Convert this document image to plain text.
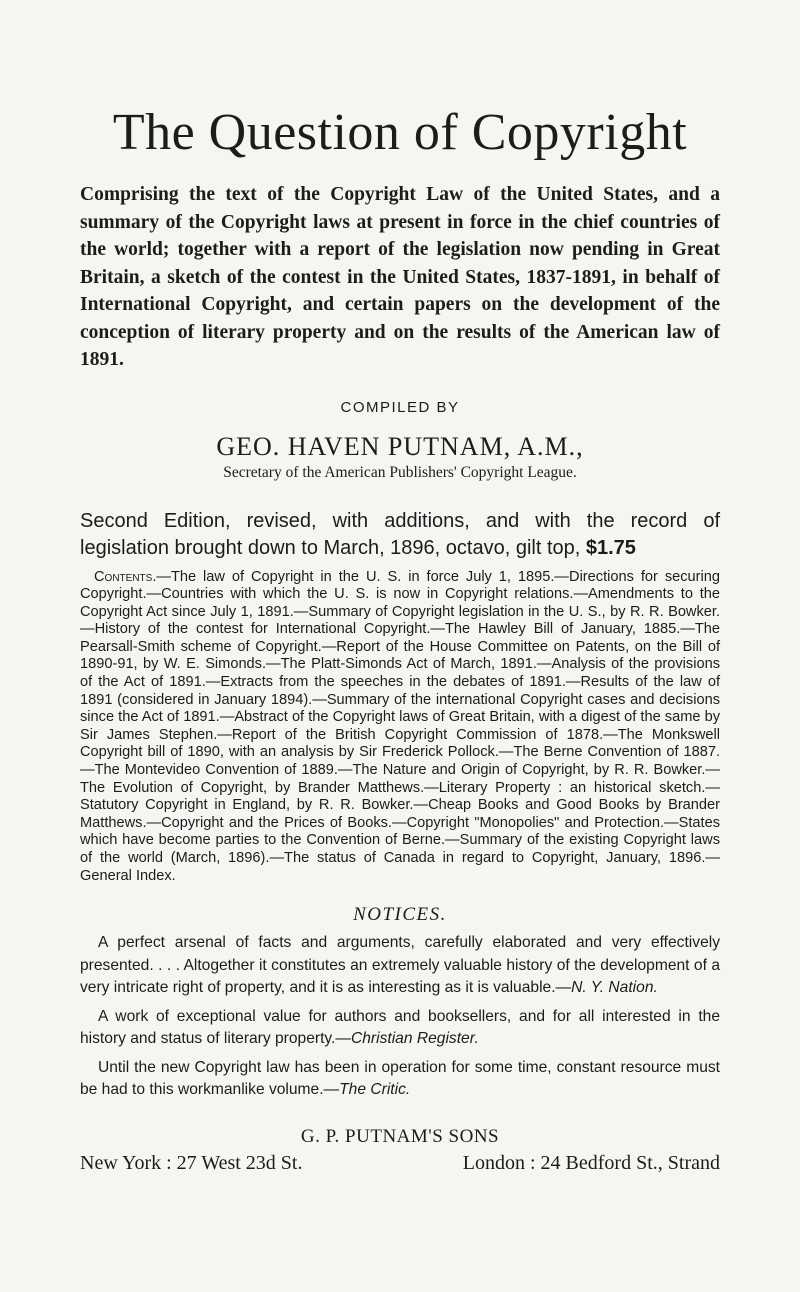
The Question of Copyright

Comprising the text of the Copyright Law of the United States, and a summary of the Copyright laws at present in force in the chief countries of the world; together with a report of the legislation now pending in Great Britain, a sketch of the contest in the United States, 1837-1891, in behalf of International Copyright, and certain papers on the development of the conception of literary property and on the results of the American law of 1891.

COMPILED BY
GEO. HAVEN PUTNAM, A.M.,
Secretary of the American Publishers' Copyright League.
Second Edition, revised, with additions, and with the record of legislation brought down to March, 1896, octavo, gilt top, $1.75
Contents.—The law of Copyright in the U. S. in force July 1, 1895.—Directions for securing Copyright.—Countries with which the U. S. is now in Copyright relations.—Amendments to the Copyright Act since July 1, 1891.—Summary of Copyright legislation in the U. S., by R. R. Bowker.—History of the contest for International Copyright.—The Hawley Bill of January, 1885.—The Pearsall-Smith scheme of Copyright.—Report of the House Committee on Patents, on the Bill of 1890-91, by W. E. Simonds.—The Platt-Simonds Act of March, 1891.—Analysis of the provisions of the Act of 1891.—Extracts from the speeches in the debates of 1891.—Results of the law of 1891 (considered in January 1894).—Summary of the international Copyright cases and decisions since the Act of 1891.—Abstract of the Copyright laws of Great Britain, with a digest of the same by Sir James Stephen.—Report of the British Copyright Commission of 1878.—The Monkswell Copyright bill of 1890, with an analysis by Sir Frederick Pollock.—The Berne Convention of 1887.—The Montevideo Convention of 1889.—The Nature and Origin of Copyright, by R. R. Bowker.—The Evolution of Copyright, by Brander Matthews.—Literary Property : an historical sketch.—Statutory Copyright in England, by R. R. Bowker.—Cheap Books and Good Books by Brander Matthews.—Copyright and the Prices of Books.—Copyright "Monopolies" and Protection.—States which have become parties to the Convention of Berne.—Summary of the existing Copyright laws of the world (March, 1896).—The status of Canada in regard to Copyright, January, 1896.—General Index.
NOTICES.

A perfect arsenal of facts and arguments, carefully elaborated and very effectively presented. . . . Altogether it constitutes an extremely valuable history of the development of a very intricate right of property, and it is as interesting as it is valuable.—N. Y. Nation.

A work of exceptional value for authors and booksellers, and for all interested in the history and status of literary property.—Christian Register.

Until the new Copyright law has been in operation for some time, constant resource must be had to this workmanlike volume.—The Critic.

G. P. PUTNAM'S SONS
New York : 27 West 23d St.	London : 24 Bedford St., Strand
